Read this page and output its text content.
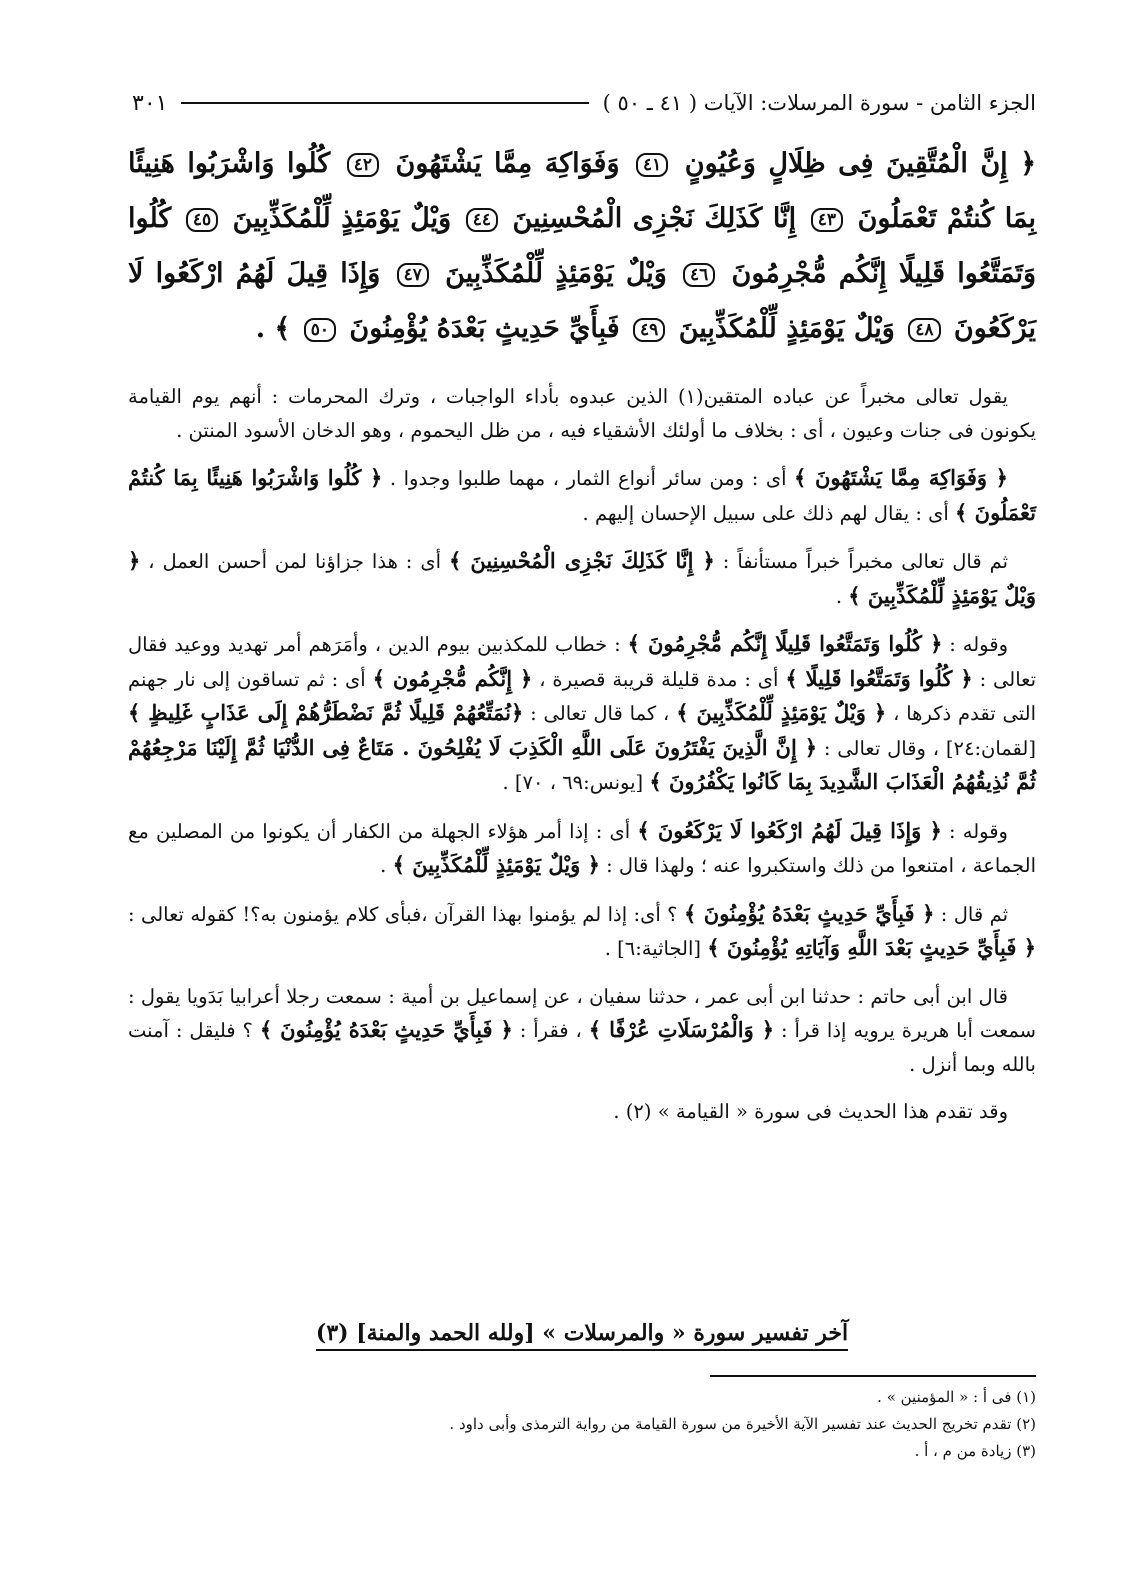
الجزء الثامن - سورة المرسلات: الآيات ( ٤١ ـ ٥٠ )
٣٠١
﴿ إِنَّ الْمُتَّقِينَ فِى ظِلَالٍ وَعُيُونٍ ٤١ وَفَوَاكِهَ مِمَّا يَشْتَهُونَ ٤٢ كُلُوا وَاشْرَبُوا هَنِيئًا بِمَا كُنتُمْ تَعْمَلُونَ ٤٣ إِنَّا كَذَلِكَ نَجْزِى الْمُحْسِنِينَ ٤٤ وَيْلٌ يَوْمَئِذٍ لِّلْمُكَذِّبِينَ ٤٥ كُلُوا وَتَمَتَّعُوا قَلِيلًا إِنَّكُم مُّجْرِمُونَ ٤٦ وَيْلٌ يَوْمَئِذٍ لِّلْمُكَذِّبِينَ ٤٧ وَإِذَا قِيلَ لَهُمُ ارْكَعُوا لَا يَرْكَعُونَ ٤٨ وَيْلٌ يَوْمَئِذٍ لِّلْمُكَذِّبِينَ ٤٩ فَبِأَيِّ حَدِيثٍ بَعْدَهُ يُؤْمِنُونَ ٥٠ ﴾ .

يقول تعالى مخبراً عن عباده المتقين(١) الذين عبدوه بأداء الواجبات ، وترك المحرمات : أنهم يوم القيامة يكونون فى جنات وعيون ، أى : بخلاف ما أولئك الأشقياء فيه ، من ظل اليحموم ، وهو الدخان الأسود المنتن .

﴿ وَفَوَاكِهَ مِمَّا يَشْتَهُونَ ﴾ أى : ومن سائر أنواع الثمار ، مهما طلبوا وجدوا . ﴿ كُلُوا وَاشْرَبُوا هَنِيئًا بِمَا كُنتُمْ تَعْمَلُونَ ﴾ أى : يقال لهم ذلك على سبيل الإحسان إليهم .

ثم قال تعالى مخبراً خبراً مستأنفاً : ﴿ إِنَّا كَذَلِكَ نَجْزِى الْمُحْسِنِينَ ﴾ أى : هذا جزاؤنا لمن أحسن العمل ، ﴿ وَيْلٌ يَوْمَئِذٍ لِّلْمُكَذِّبِينَ ﴾ .

وقوله : ﴿ كُلُوا وَتَمَتَّعُوا قَلِيلًا إِنَّكُم مُّجْرِمُونَ ﴾ : خطاب للمكذبين بيوم الدين ، وأمَرَهم أمر تهديد ووعيد فقال تعالى : ﴿ كُلُوا وَتَمَتَّعُوا قَلِيلًا ﴾ أى : مدة قليلة قريبة قصيرة ، ﴿ إِنَّكُم مُّجْرِمُون ﴾ أى : ثم تساقون إلى نار جهنم التى تقدم ذكرها ، ﴿ وَيْلٌ يَوْمَئِذٍ لِّلْمُكَذِّبِينَ ﴾ ، كما قال تعالى : ﴿نُمَتِّعُهُمْ قَلِيلًا ثُمَّ نَضْطَرُّهُمْ إِلَى عَذَابٍ غَلِيظٍ ﴾ [لقمان:٢٤] ، وقال تعالى : ﴿ إِنَّ الَّذِينَ يَفْتَرُونَ عَلَى اللَّهِ الْكَذِبَ لَا يُفْلِحُونَ . مَتَاعٌ فِى الدُّنْيَا ثُمَّ إِلَيْنَا مَرْجِعُهُمْ ثُمَّ نُذِيقُهُمُ الْعَذَابَ الشَّدِيدَ بِمَا كَانُوا يَكْفُرُونَ ﴾ [يونس:٦٩ ، ٧٠] .

وقوله : ﴿ وَإِذَا قِيلَ لَهُمُ ارْكَعُوا لَا يَرْكَعُونَ ﴾ أى : إذا أمر هؤلاء الجهلة من الكفار أن يكونوا من المصلين مع الجماعة ، امتنعوا من ذلك واستكبروا عنه ؛ ولهذا قال : ﴿ وَيْلٌ يَوْمَئِذٍ لِّلْمُكَذِّبِينَ ﴾ .

ثم قال : ﴿ فَبِأَيِّ حَدِيثٍ بَعْدَهُ يُؤْمِنُونَ ﴾ ؟ أى: إذا لم يؤمنوا بهذا القرآن ،فبأى كلام يؤمنون به؟! كقوله تعالى : ﴿ فَبِأَيِّ حَدِيثٍ بَعْدَ اللَّهِ وَآيَاتِهِ يُؤْمِنُونَ ﴾ [الجاثية:٦] .

قال ابن أبى حاتم : حدثنا ابن أبى عمر ، حدثنا سفيان ، عن إسماعيل بن أمية : سمعت رجلا أعرابيا بَدَويا يقول : سمعت أبا هريرة يرويه إذا قرأ : ﴿ وَالْمُرْسَلَاتِ عُرْفًا ﴾ ، فقرأ : ﴿ فَبِأَيِّ حَدِيثٍ بَعْدَهُ يُؤْمِنُونَ ﴾ ؟ فليقل : آمنت بالله وبما أنزل .

وقد تقدم هذا الحديث فى سورة « القيامة » (٢) .

آخر تفسير سورة « والمرسلات » [ولله الحمد والمنة] (٣)
(١) فى أ : « المؤمنين » .
(٢) تقدم تخريج الحديث عند تفسير الآية الأخيرة من سورة القيامة من رواية الترمذى وأبى داود .
(٣) زيادة من م ، أ .
